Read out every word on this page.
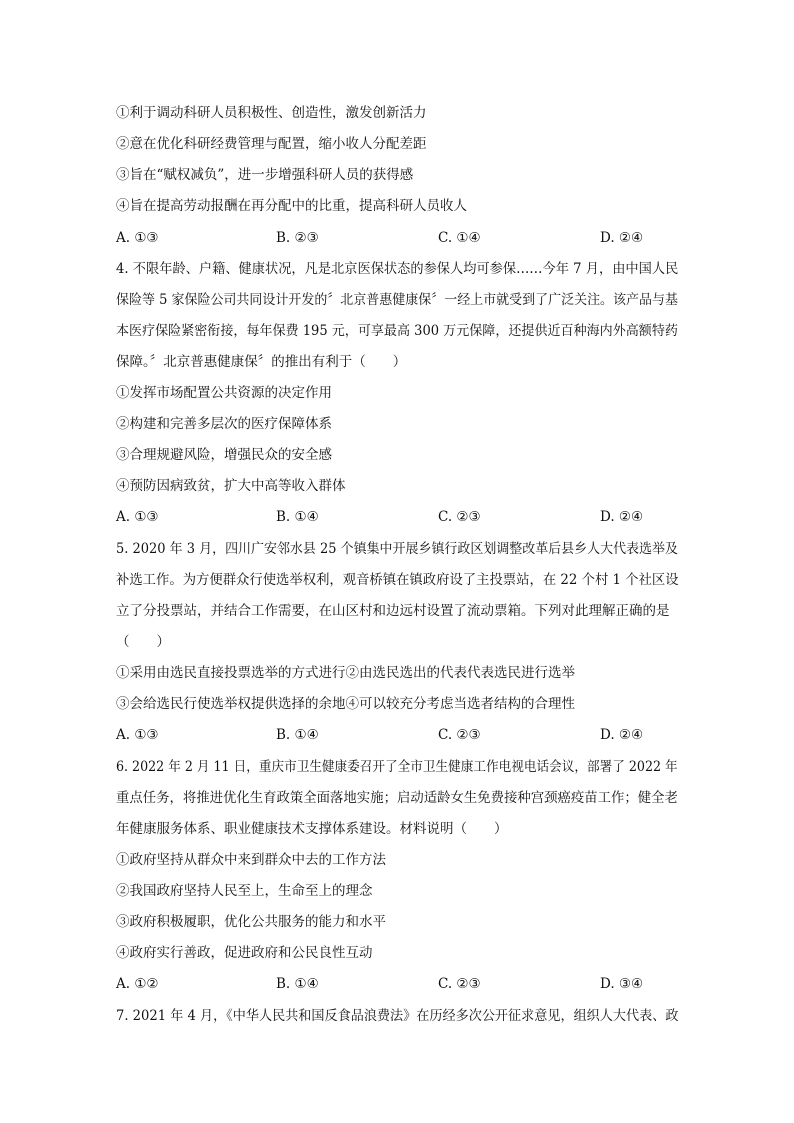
①利于调动科研人员积极性、创造性，激发创新活力
②意在优化科研经费管理与配置，缩小收人分配差距
③旨在“赋权减负”，进一步增强科研人员的获得感
④旨在提高劳动报酬在再分配中的比重，提高科研人员收人
A. ①③	B. ②③	C. ①④	D. ②④
4. 不限年龄、户籍、健康状况，凡是北京医保状态的参保人均可参保……今年 7 月，由中国人民
保险等 5 家保险公司共同设计开发的〞北京普惠健康保〞一经上市就受到了广泛关注。该产品与基
本医疗保险紧密衔接，每年保费 195 元，可享最高 300 万元保障，还提供近百种海内外高额特药
保障。〞北京普惠健康保〞的推出有利于（　　）
①发挥市场配置公共资源的决定作用
②构建和完善多层次的医疗保障体系
③合理规避风险，增强民众的安全感
④预防因病致贫，扩大中高等收入群体
A. ①③	B. ①④	C. ②③	D. ②④
5. 2020 年 3 月，四川广安邻水县 25 个镇集中开展乡镇行政区划调整改革后县乡人大代表选举及
补选工作。为方便群众行使选举权利，观音桥镇在镇政府设了主投票站，在 22 个村 1 个社区设
立了分投票站，并结合工作需要，在山区村和边远村设置了流动票箱。下列对此理解正确的是
（　　）
①采用由选民直接投票选举的方式进行②由选民选出的代表代表选民进行选举
③会给选民行使选举权提供选择的余地④可以较充分考虑当选者结构的合理性
A. ①③	B. ①④	C. ②③	D. ②④
6. 2022 年 2 月 11 日，重庆市卫生健康委召开了全市卫生健康工作电视电话会议，部署了 2022 年
重点任务，将推进优化生育政策全面落地实施；启动适龄女生免费接种宫颈癌疫苗工作；健全老
年健康服务体系、职业健康技术支撑体系建设。材料说明（　　）
①政府坚持从群众中来到群众中去的工作方法
②我国政府坚持人民至上，生命至上的理念
③政府积极履职，优化公共服务的能力和水平
④政府实行善政，促进政府和公民良性互动
A. ①②	B. ①④	C. ②③	D. ③④
7. 2021 年 4 月，《中华人民共和国反食品浪费法》在历经多次公开征求意见，组织人大代表、政
